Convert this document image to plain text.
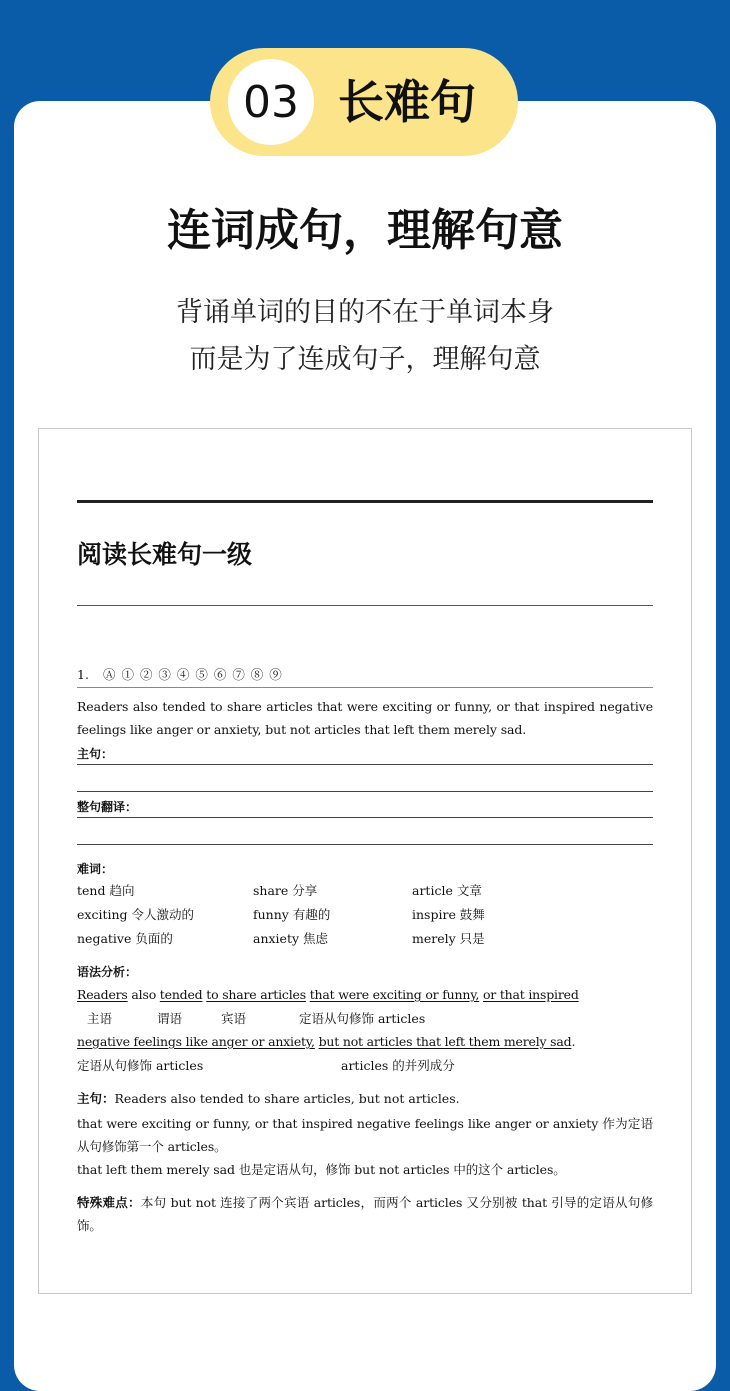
03 长难句
连词成句，理解句意
背诵单词的目的不在于单词本身
而是为了连成句子，理解句意
阅读长难句一级
1. Ⓐ ① ② ③ ④ ⑤ ⑥ ⑦ ⑧ ⑨
Readers also tended to share articles that were exciting or funny, or that inspired negative feelings like anger or anxiety, but not articles that left them merely sad.
主句：
整句翻译：
难词：
tend 趋向	share 分享	article 文章
exciting 令人激动的	funny 有趣的	inspire 鼓舞
negative 负面的	anxiety 焦虑	merely 只是
语法分析：
Readers also tended to share articles that were exciting or funny, or that inspired
主语	谓语	宾语	定语从句修饰 articles
negative feelings like anger or anxiety, but not articles that left them merely sad.
定语从句修饰 articles	articles 的并列成分
主句：Readers also tended to share articles, but not articles.
that were exciting or funny, or that inspired negative feelings like anger or anxiety 作为定语从句修饰第一个 articles。
that left them merely sad 也是定语从句，修饰 but not articles 中的这个 articles。
特殊难点：本句 but not 连接了两个宾语 articles，而两个 articles 又分别被 that 引导的定语从句修饰。
